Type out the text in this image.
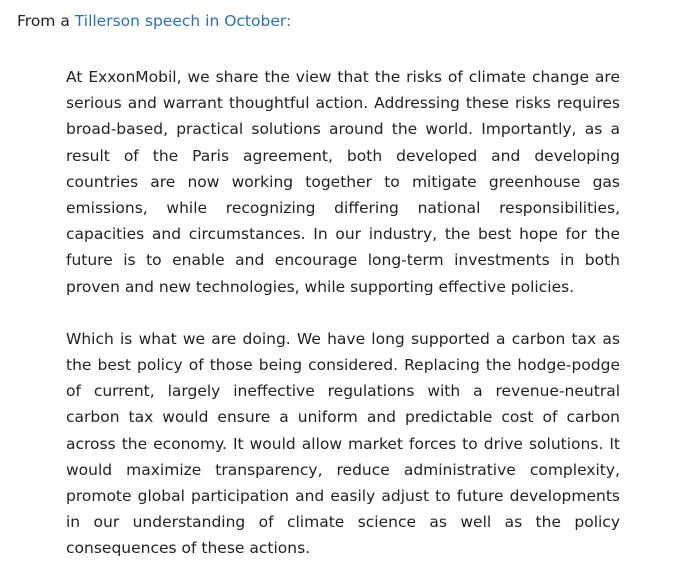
From a Tillerson speech in October:

At ExxonMobil, we share the view that the risks of climate change are serious and warrant thoughtful action. Addressing these risks requires broad-based, practical solutions around the world. Importantly, as a result of the Paris agreement, both developed and developing countries are now working together to mitigate greenhouse gas emissions, while recognizing differing national responsibilities, capacities and circumstances. In our industry, the best hope for the future is to enable and encourage long-term investments in both proven and new technologies, while supporting effective policies.

Which is what we are doing. We have long supported a carbon tax as the best policy of those being considered. Replacing the hodge-podge of current, largely ineffective regulations with a revenue-neutral carbon tax would ensure a uniform and predictable cost of carbon across the economy. It would allow market forces to drive solutions. It would maximize transparency, reduce administrative complexity, promote global participation and easily adjust to future developments in our understanding of climate science as well as the policy consequences of these actions.
